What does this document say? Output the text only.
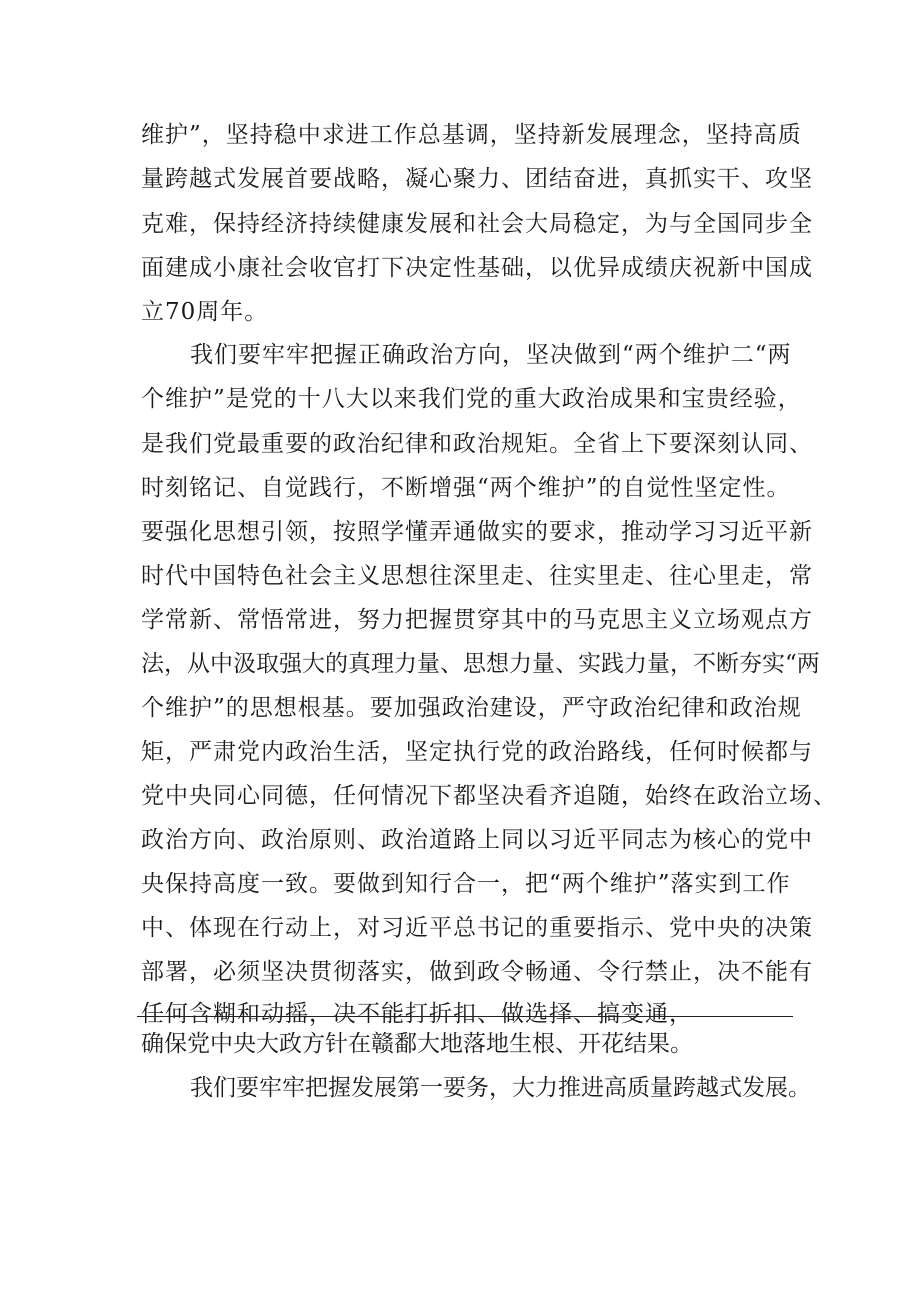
维护”，坚持稳中求进工作总基调，坚持新发展理念，坚持高质
量跨越式发展首要战略，凝心聚力、团结奋进，真抓实干、攻坚
克难，保持经济持续健康发展和社会大局稳定，为与全国同步全
面建成小康社会收官打下决定性基础，以优异成绩庆祝新中国成
立70周年。
我们要牢牢把握正确政治方向，坚决做到“两个维护二“两
个维护”是党的十八大以来我们党的重大政治成果和宝贵经验，
是我们党最重要的政治纪律和政治规矩。全省上下要深刻认同、
时刻铭记、自觉践行，不断增强“两个维护”的自觉性坚定性。
要强化思想引领，按照学懂弄通做实的要求，推动学习习近平新
时代中国特色社会主义思想往深里走、往实里走、往心里走，常
学常新、常悟常进，努力把握贯穿其中的马克思主义立场观点方
法，从中汲取强大的真理力量、思想力量、实践力量，不断夯实“两
个维护”的思想根基。要加强政治建设，严守政治纪律和政治规
矩，严肃党内政治生活，坚定执行党的政治路线，任何时候都与
党中央同心同德，任何情况下都坚决看齐追随，始终在政治立场、
政治方向、政治原则、政治道路上同以习近平同志为核心的党中
央保持高度一致。要做到知行合一，把“两个维护”落实到工作
中、体现在行动上，对习近平总书记的重要指示、党中央的决策
部署，必须坚决贯彻落实，做到政令畅通、令行禁止，决不能有
任何含糊和动摇，决不能打折扣、做选择、搞变通，
确保党中央大政方针在赣鄱大地落地生根、开花结果。
我们要牢牢把握发展第一要务，大力推进高质量跨越式发展。
